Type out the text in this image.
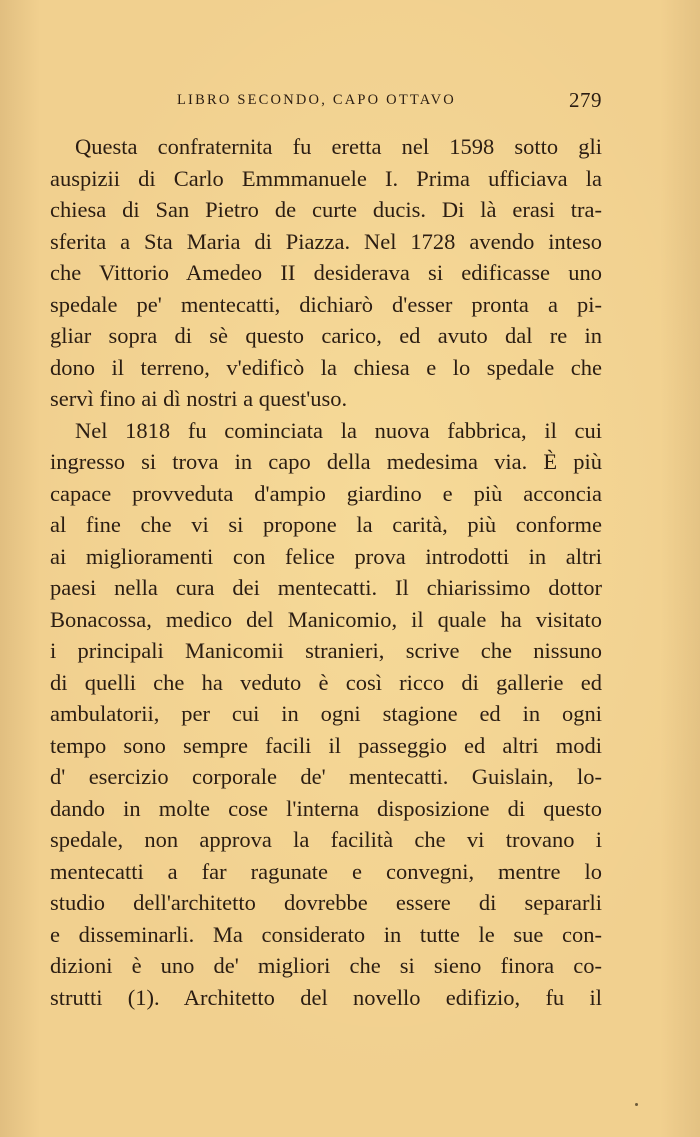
LIBRO SECONDO, CAPO OTTAVO	279
Questa confraternita fu eretta nel 1598 sotto gli
auspizii di Carlo Emmmanuele I. Prima ufficiava la
chiesa di San Pietro de curte ducis. Di là erasi tra-
sferita a Sta Maria di Piazza. Nel 1728 avendo inteso
che Vittorio Amedeo II desiderava si edificasse uno
spedale pe' mentecatti, dichiarò d'esser pronta a pi-
gliar sopra di sè questo carico, ed avuto dal re in
dono il terreno, v'edificò la chiesa e lo spedale che
servì fino ai dì nostri a quest'uso.
Nel 1818 fu cominciata la nuova fabbrica, il cui
ingresso si trova in capo della medesima via. È più
capace provveduta d'ampio giardino e più acconcia
al fine che vi si propone la carità, più conforme
ai miglioramenti con felice prova introdotti in altri
paesi nella cura dei mentecatti. Il chiarissimo dottor
Bonacossa, medico del Manicomio, il quale ha visitato
i principali Manicomii stranieri, scrive che nissuno
di quelli che ha veduto è così ricco di gallerie ed
ambulatorii, per cui in ogni stagione ed in ogni
tempo sono sempre facili il passeggio ed altri modi
d' esercizio corporale de' mentecatti. Guislain, lo-
dando in molte cose l'interna disposizione di questo
spedale, non approva la facilità che vi trovano i
mentecatti a far ragunate e convegni, mentre lo
studio dell'architetto dovrebbe essere di separarli
e disseminarli. Ma considerato in tutte le sue con-
dizioni è uno de' migliori che si sieno finora co-
strutti (1). Architetto del novello edifizio, fu il
